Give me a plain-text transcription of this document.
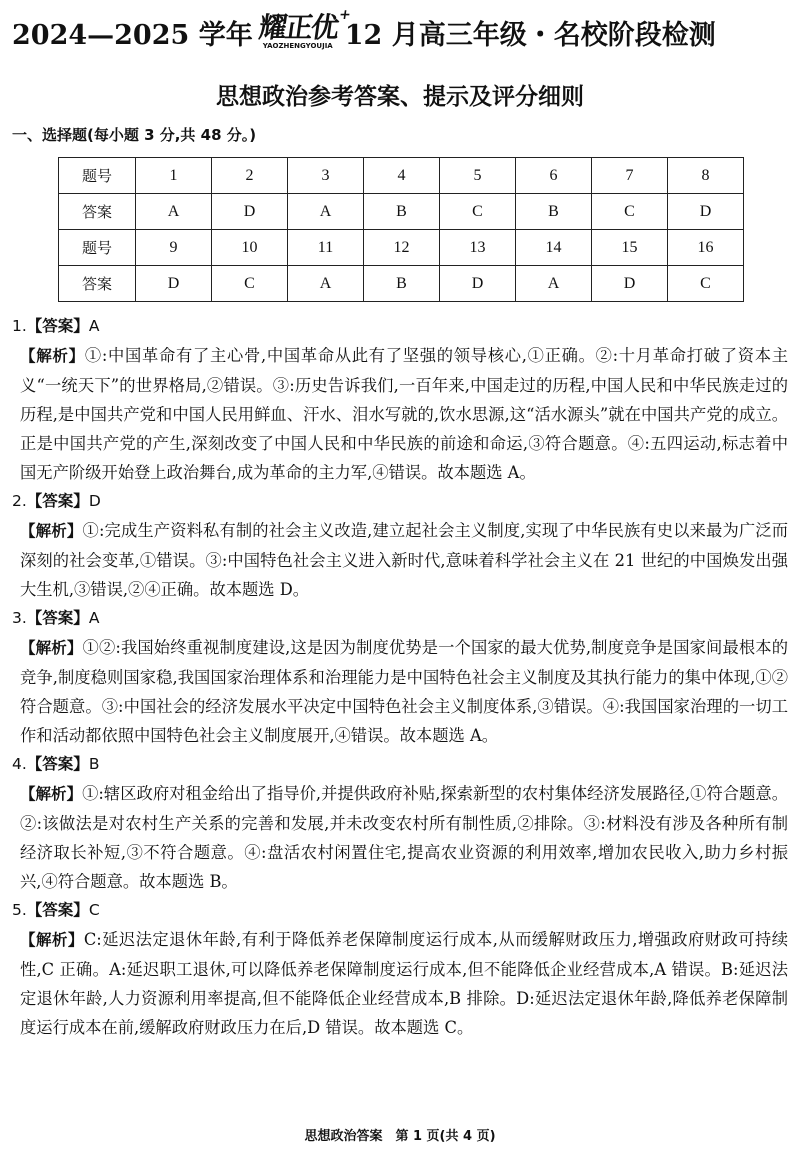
2024—2025 学年 耀正优
+
YAOZHENGYOUJIA 12 月高三年级・名校阶段检测
思想政治参考答案、提示及评分细则
一、选择题(每小题 3 分,共 48 分。)
题号	1	2	3	4	5	6	7	8
答案	A	D	A	B	C	B	C	D
题号	9	10	11	12	13	14	15	16
答案	D	C	A	B	D	A	D	C
1.【答案】A
【解析】①:中国革命有了主心骨,中国革命从此有了坚强的领导核心,①正确。②:十月革命打破了资本主义“一统天下”的世界格局,②错误。③:历史告诉我们,一百年来,中国走过的历程,中国人民和中华民族走过的历程,是中国共产党和中国人民用鲜血、汗水、泪水写就的,饮水思源,这“活水源头”就在中国共产党的成立。正是中国共产党的产生,深刻改变了中国人民和中华民族的前途和命运,③符合题意。④:五四运动,标志着中国无产阶级开始登上政治舞台,成为革命的主力军,④错误。故本题选 A。
2.【答案】D
【解析】①:完成生产资料私有制的社会主义改造,建立起社会主义制度,实现了中华民族有史以来最为广泛而深刻的社会变革,①错误。③:中国特色社会主义进入新时代,意味着科学社会主义在 21 世纪的中国焕发出强大生机,③错误,②④正确。故本题选 D。
3.【答案】A
【解析】①②:我国始终重视制度建设,这是因为制度优势是一个国家的最大优势,制度竞争是国家间最根本的竞争,制度稳则国家稳,我国国家治理体系和治理能力是中国特色社会主义制度及其执行能力的集中体现,①②符合题意。③:中国社会的经济发展水平决定中国特色社会主义制度体系,③错误。④:我国国家治理的一切工作和活动都依照中国特色社会主义制度展开,④错误。故本题选 A。
4.【答案】B
【解析】①:辖区政府对租金给出了指导价,并提供政府补贴,探索新型的农村集体经济发展路径,①符合题意。②:该做法是对农村生产关系的完善和发展,并未改变农村所有制性质,②排除。③:材料没有涉及各种所有制经济取长补短,③不符合题意。④:盘活农村闲置住宅,提高农业资源的利用效率,增加农民收入,助力乡村振兴,④符合题意。故本题选 B。
5.【答案】C
【解析】C:延迟法定退休年龄,有利于降低养老保障制度运行成本,从而缓解财政压力,增强政府财政可持续性,C 正确。A:延迟职工退休,可以降低养老保障制度运行成本,但不能降低企业经营成本,A 错误。B:延迟法定退休年龄,人力资源利用率提高,但不能降低企业经营成本,B 排除。D:延迟法定退休年龄,降低养老保障制度运行成本在前,缓解政府财政压力在后,D 错误。故本题选 C。
思想政治答案　第 1 页(共 4 页)
